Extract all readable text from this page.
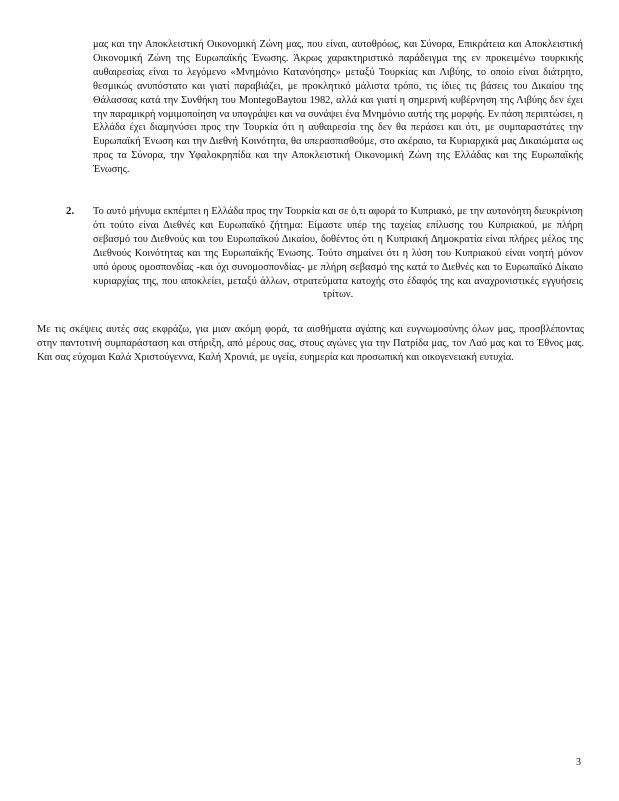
μας και την Αποκλειστική Οικονομική Ζώνη μας, που είναι, αυτοθρόως, και Σύνορα, Επικράτεια και Αποκλειστική Οικονομική Ζώνη της Ευρωπαϊκής Ένωσης. Άκρως χαρακτηριστικό παράδειγμα της εν προκειμένω τουρκικής αυθαιρεσίας είναι το λεγόμενο «Μνημόνιο Κατανόησης» μεταξύ Τουρκίας και Λιβύης, το οποίο είναι διάτρητο, θεσμικώς ανυπόστατο και γιατί παραβιάζει, με προκλητικό μάλιστα τρόπο, τις ίδιες τις βάσεις του Δικαίου της Θάλασσας κατά την Συνθήκη του MontegoBaytou 1982, αλλά και γιατί η σημερινή κυβέρνηση της Λιβύης δεν έχει την παραμικρή νομιμοποίηση να υπογράψει και να συνάψει ένα Μνημόνιο αυτής της μορφής. Εν πάση περιπτώσει, η Ελλάδα έχει διαμηνύσει προς την Τουρκία ότι η αυθαιρεσία της δεν θα περάσει και ότι, με συμπαραστάτες την Ευρωπαϊκή Ένωση και την Διεθνή Κοινότητα, θα υπερασπισθούμε, στο ακέραιο, τα Κυριαρχικά μας Δικαιώματα ως προς τα Σύνορα, την Υφαλοκρηπίδα και την Αποκλειστική Οικονομική Ζώνη της Ελλάδας και της Ευρωπαϊκής Ένωσης.

2. Το αυτό μήνυμα εκπέμπει η Ελλάδα προς την Τουρκία και σε ό,τι αφορά το Κυπριακό, με την αυτονόητη διευκρίνιση ότι τούτο είναι Διεθνές και Ευρωπαϊκό ζήτημα: Είμαστε υπέρ της ταχείας επίλυσης του Κυπριακού, με πλήρη σεβασμό του Διεθνούς και του Ευρωπαϊκού Δικαίου, δοθέντος ότι η Κυπριακή Δημοκρατία είναι πλήρες μέλος της Διεθνούς Κοινότητας και της Ευρωπαϊκής Ένωσης. Τούτο σημαίνει ότι η λύση του Κυπριακού είναι νοητή μόνον υπό όρους ομοσπονδίας -και όχι συνομοσπονδίας- με πλήρη σεβασμό της κατά το Διεθνές και το Ευρωπαϊκό Δίκαιο κυριαρχίας της, που αποκλείει, μεταξύ άλλων, στρατεύματα κατοχής στο έδαφός της και αναχρονιστικές εγγυήσεις τρίτων.

Με τις σκέψεις αυτές σας εκφράζω, για μιαν ακόμη φορά, τα αισθήματα αγάπης και ευγνωμοσύνης όλων μας, προσβλέποντας στην παντοτινή συμπαράσταση και στήριξη, από μέρους σας, στους αγώνες για την Πατρίδα μας, τον Λαό μας και το Έθνος μας. Και σας εύχομαι Καλά Χριστούγεννα, Καλή Χρονιά, με υγεία, ευημερία και προσωπική και οικογενειακή ευτυχία.

3
